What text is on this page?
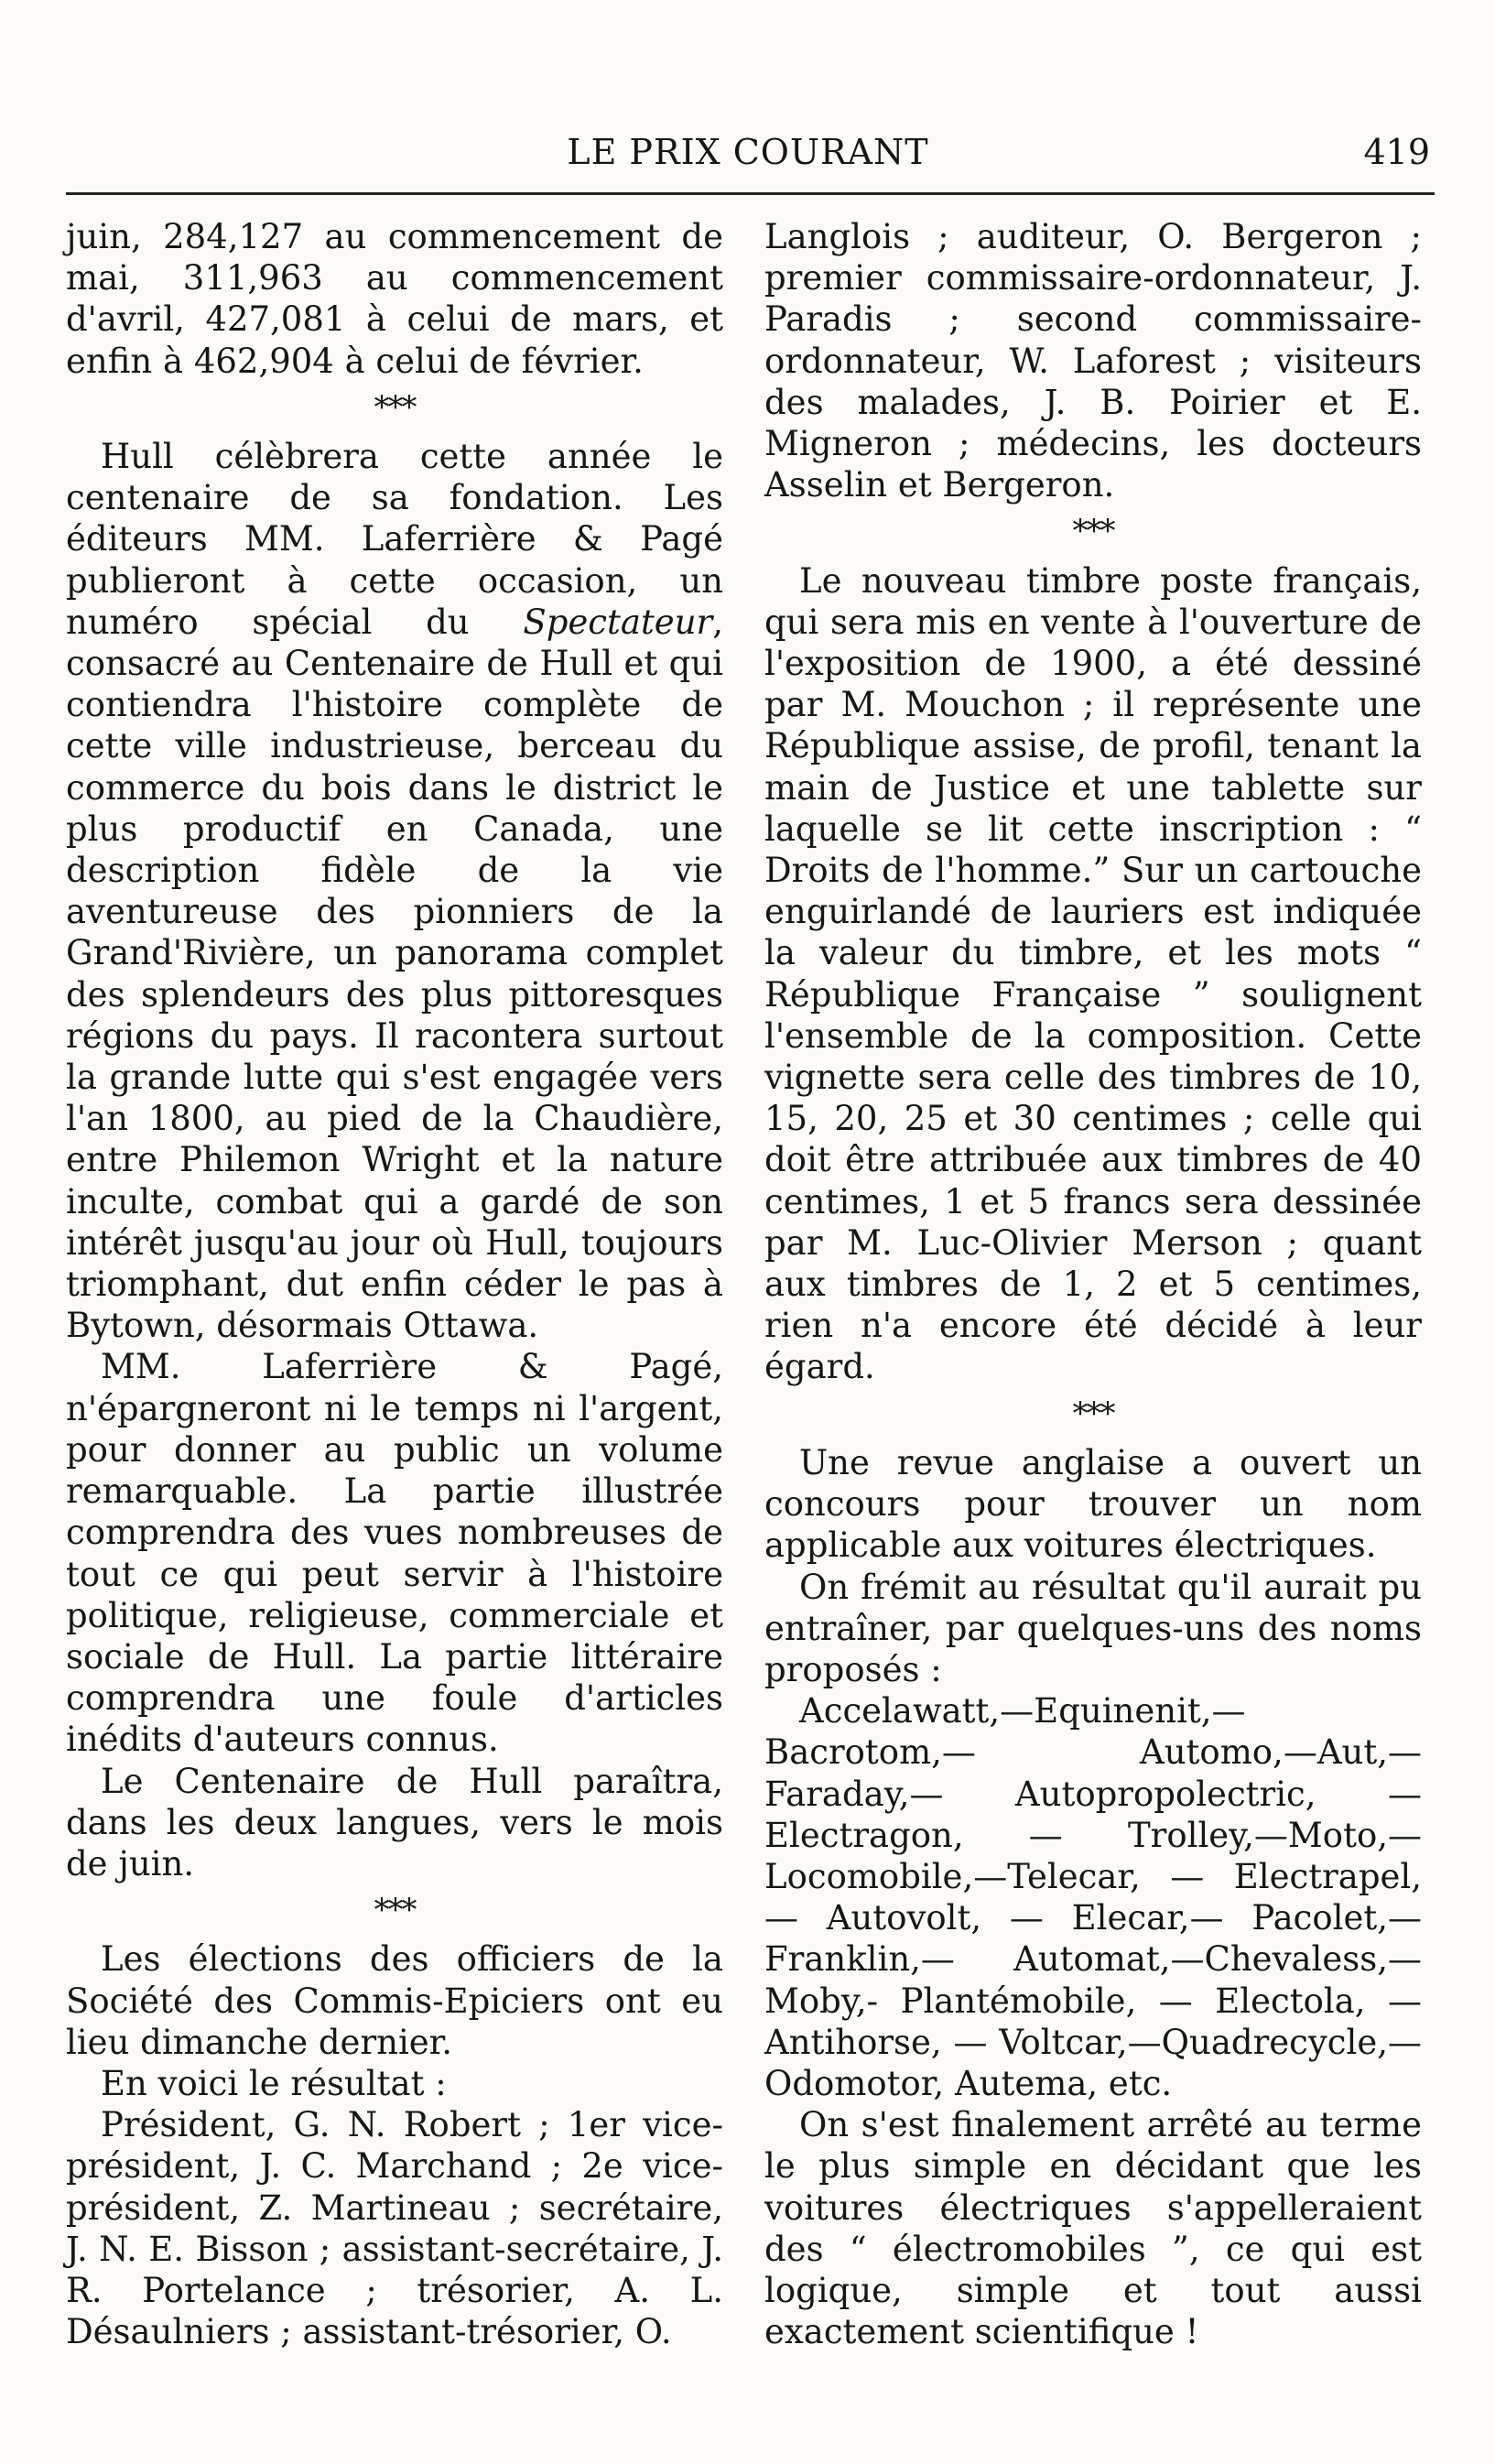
LE PRIX COURANT	419

juin, 284,127 au commencement de mai, 311,963 au commencement d'avril, 427,081 à celui de mars, et enfin à 462,904 à celui de février.

***

Hull célèbrera cette année le centenaire de sa fondation. Les éditeurs MM. Laferrière & Pagé publieront à cette occasion, un numéro spécial du Spectateur, consacré au Centenaire de Hull et qui contiendra l'histoire complète de cette ville industrieuse, berceau du commerce du bois dans le district le plus productif en Canada, une description fidèle de la vie aventureuse des pionniers de la Grand'Rivière, un panorama complet des splendeurs des plus pittoresques régions du pays. Il racontera surtout la grande lutte qui s'est engagée vers l'an 1800, au pied de la Chaudière, entre Philemon Wright et la nature inculte, combat qui a gardé de son intérêt jusqu'au jour où Hull, toujours triomphant, dut enfin céder le pas à Bytown, désormais Ottawa.

MM. Laferrière & Pagé, n'épargneront ni le temps ni l'argent, pour donner au public un volume remarquable. La partie illustrée comprendra des vues nombreuses de tout ce qui peut servir à l'histoire politique, religieuse, commerciale et sociale de Hull. La partie littéraire comprendra une foule d'articles inédits d'auteurs connus.

Le Centenaire de Hull paraîtra, dans les deux langues, vers le mois de juin.

***

Les élections des officiers de la Société des Commis-Epiciers ont eu lieu dimanche dernier.

En voici le résultat :

Président, G. N. Robert ; 1er vice-président, J. C. Marchand ; 2e vice-président, Z. Martineau ; secrétaire, J. N. E. Bisson ; assistant-secrétaire, J. R. Portelance ; trésorier, A. L. Désaulniers ; assistant-trésorier, O.

Langlois ; auditeur, O. Bergeron ; premier commissaire-ordonnateur, J. Paradis ; second commissaire-ordonnateur, W. Laforest ; visiteurs des malades, J. B. Poirier et E. Migneron ; médecins, les docteurs Asselin et Bergeron.

***

Le nouveau timbre poste français, qui sera mis en vente à l'ouverture de l'exposition de 1900, a été dessiné par M. Mouchon ; il représente une République assise, de profil, tenant la main de Justice et une tablette sur laquelle se lit cette inscription : “ Droits de l'homme.” Sur un cartouche enguirlandé de lauriers est indiquée la valeur du timbre, et les mots “ République Française ” soulignent l'ensemble de la composition. Cette vignette sera celle des timbres de 10, 15, 20, 25 et 30 centimes ; celle qui doit être attribuée aux timbres de 40 centimes, 1 et 5 francs sera dessinée par M. Luc-Olivier Merson ; quant aux timbres de 1, 2 et 5 centimes, rien n'a encore été décidé à leur égard.

***

Une revue anglaise a ouvert un concours pour trouver un nom applicable aux voitures électriques.

On frémit au résultat qu'il aurait pu entraîner, par quelques-uns des noms proposés :

Accelawatt,—Equinenit,— Bacrotom,— Automo,—Aut,— Faraday,— Autopropolectric, — Electragon, — Trolley,—Moto,— Locomobile,—Telecar, — Electrapel, — Autovolt, — Elecar,— Pacolet,— Franklin,— Automat,—Chevaless,—Moby,- Plantémobile, — Electola, — Antihorse, — Voltcar,—Quadrecycle,—Odomotor, Autema, etc.

On s'est finalement arrêté au terme le plus simple en décidant que les voitures électriques s'appelleraient des “ électromobiles ”, ce qui est logique, simple et tout aussi exactement scientifique !
